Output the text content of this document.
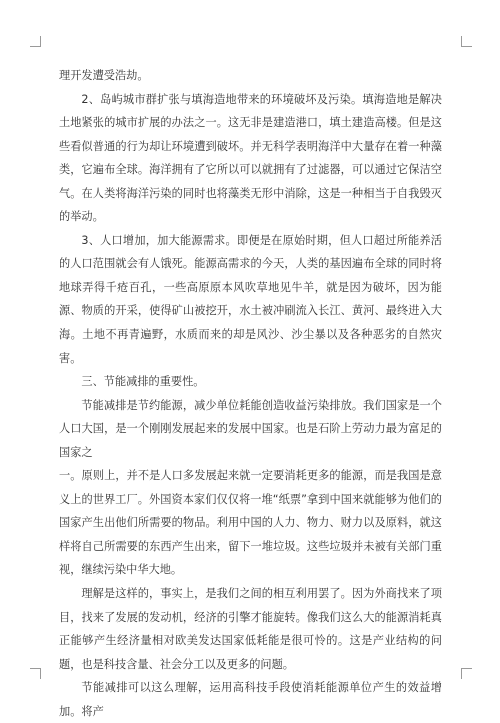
理开发遭受浩劫。

2、岛屿城市群扩张与填海造地带来的环境破坏及污染。填海造地是解决土地紧张的城市扩展的办法之一。这无非是建造港口，填土建造高楼。但是这些看似普通的行为却让环境遭到破坏。并无科学表明海洋中大量存在着一种藻类，它遍布全球。海洋拥有了它所以可以就拥有了过滤器，可以通过它保洁空气。在人类将海洋污染的同时也将藻类无形中消除，这是一种相当于自我毁灭的举动。

3、人口增加，加大能源需求。即便是在原始时期，但人口超过所能养活的人口范围就会有人饿死。能源高需求的今天，人类的基因遍布全球的同时将地球弄得千疮百孔，一些高原原本风吹草地见牛羊，就是因为破坏，因为能源、物质的开采，使得矿山被挖开，水土被冲刷流入长江、黄河、最终进入大海。土地不再青遍野，水质而来的却是风沙、沙尘暴以及各种恶劣的自然灾害。

三、节能减排的重要性。

节能减排是节约能源，减少单位耗能创造收益污染排放。我们国家是一个人口大国，是一个刚刚发展起来的发展中国家。也是石阶上劳动力最为富足的国家之

一。原则上，并不是人口多发展起来就一定要消耗更多的能源，而是我国是意义上的世界工厂。外国资本家们仅仅将一堆“纸票”拿到中国来就能够为他们的国家产生出他们所需要的物品。利用中国的人力、物力、财力以及原料，就这样将自己所需要的东西产生出来，留下一堆垃圾。这些垃圾并未被有关部门重视，继续污染中华大地。

理解是这样的，事实上，是我们之间的相互利用罢了。因为外商找来了项目，找来了发展的发动机，经济的引擎才能旋转。像我们这么大的能源消耗真正能够产生经济量相对欧美发达国家低耗能是很可怜的。这是产业结构的问题，也是科技含量、社会分工以及更多的问题。

节能减排可以这么理解，运用高科技手段使消耗能源单位产生的效益增加。将产
